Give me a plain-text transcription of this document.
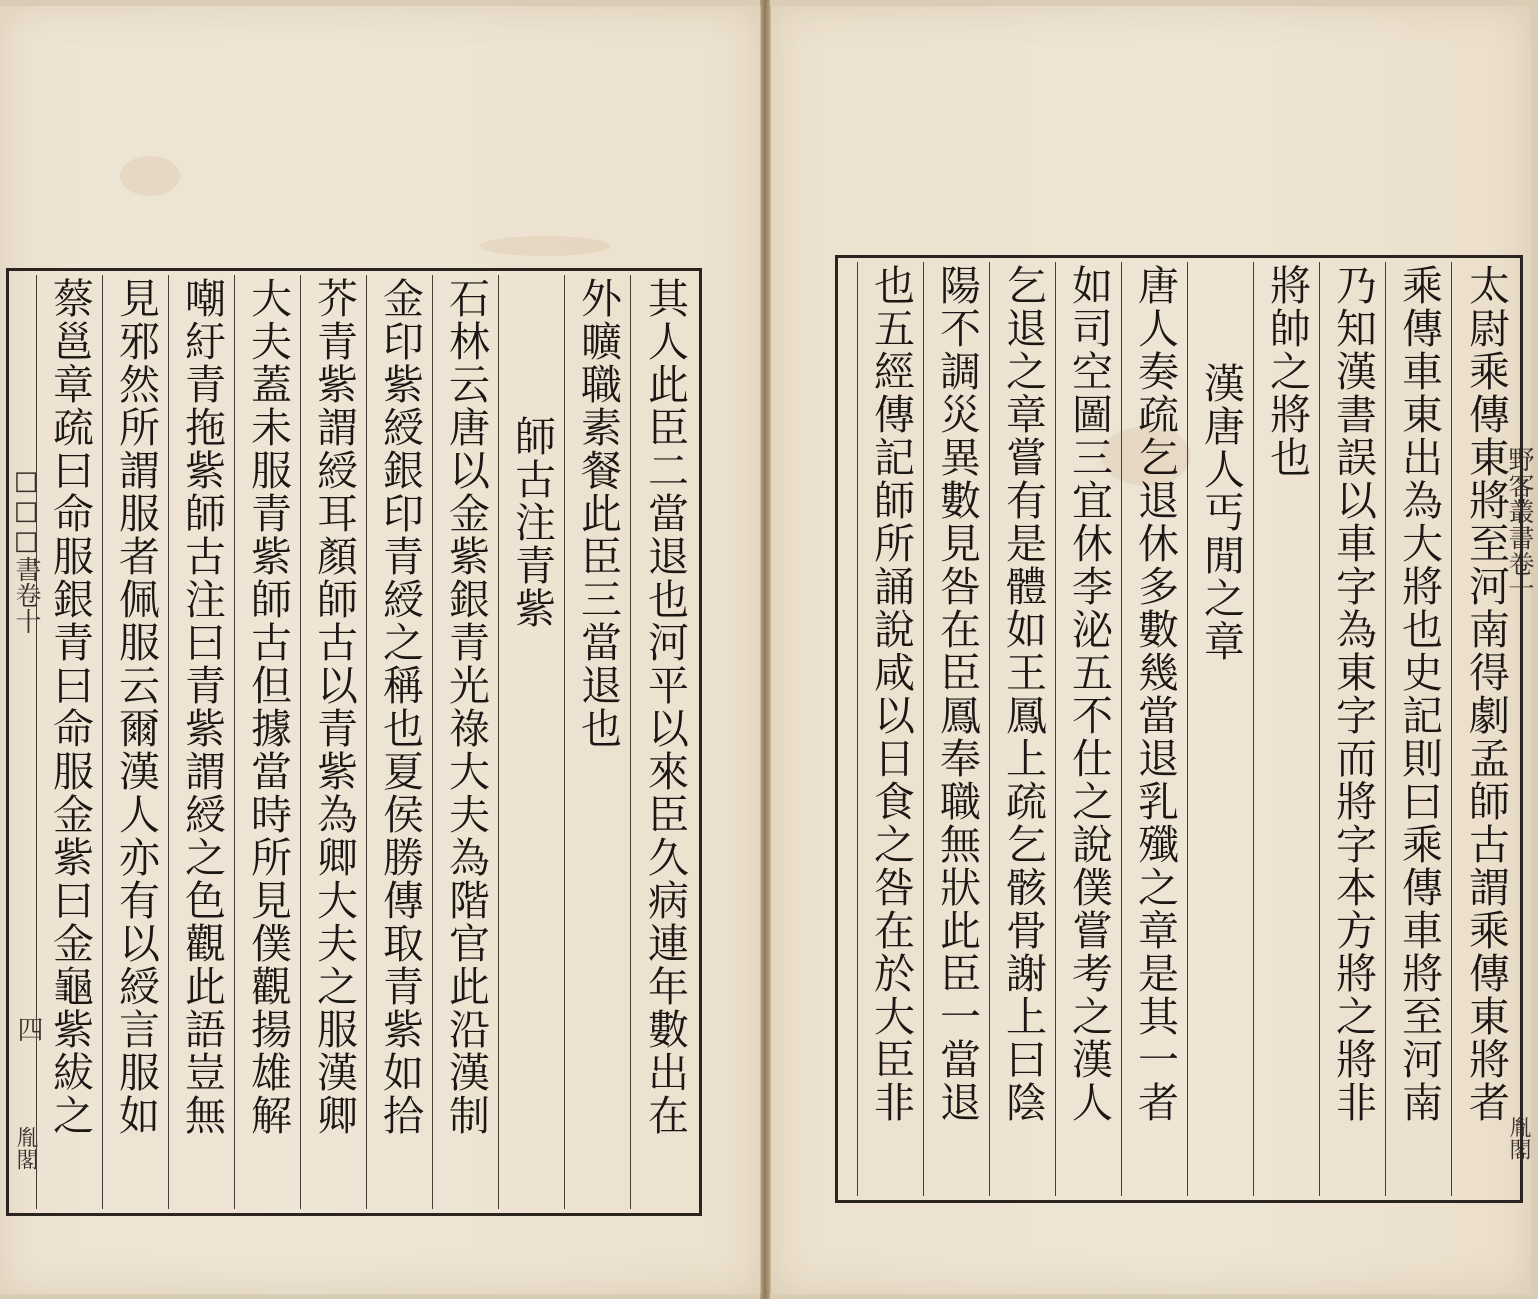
□□□書卷十
四
胤閣
其人此臣二當退也河平以來臣久病連年數出在
外曠職素餐此臣三當退也
師古注青紫
石林云唐以金紫銀青光祿大夫為階官此沿漢制
金印紫綬銀印青綬之稱也夏侯勝傳取青紫如拾
芥青紫謂綬耳顏師古以青紫為卿大夫之服漢卿
大夫蓋未服青紫師古但據當時所見僕觀揚雄解
嘲紆青拖紫師古注曰青紫謂綬之色觀此語豈無
見邪然所謂服者佩服云爾漢人亦有以綬言服如
蔡邕章疏曰命服銀青曰命服金紫曰金龜紫紱之	野客叢書卷十
胤閣
太尉乘傳東將至河南得劇孟師古謂乘傳東將者
乘傳車東出為大將也史記則曰乘傳車將至河南
乃知漢書誤以車字為東字而將字本方將之將非
將帥之將也
漢唐人丐閒之章
唐人奏疏乞退休多數幾當退乳殲之章是其一者
如司空圖三宜休李泌五不仕之說僕嘗考之漢人
乞退之章嘗有是體如王鳳上疏乞骸骨謝上曰陰
陽不調災異數見咎在臣鳳奉職無狀此臣一當退
也五經傳記師所誦說咸以日食之咎在於大臣非
